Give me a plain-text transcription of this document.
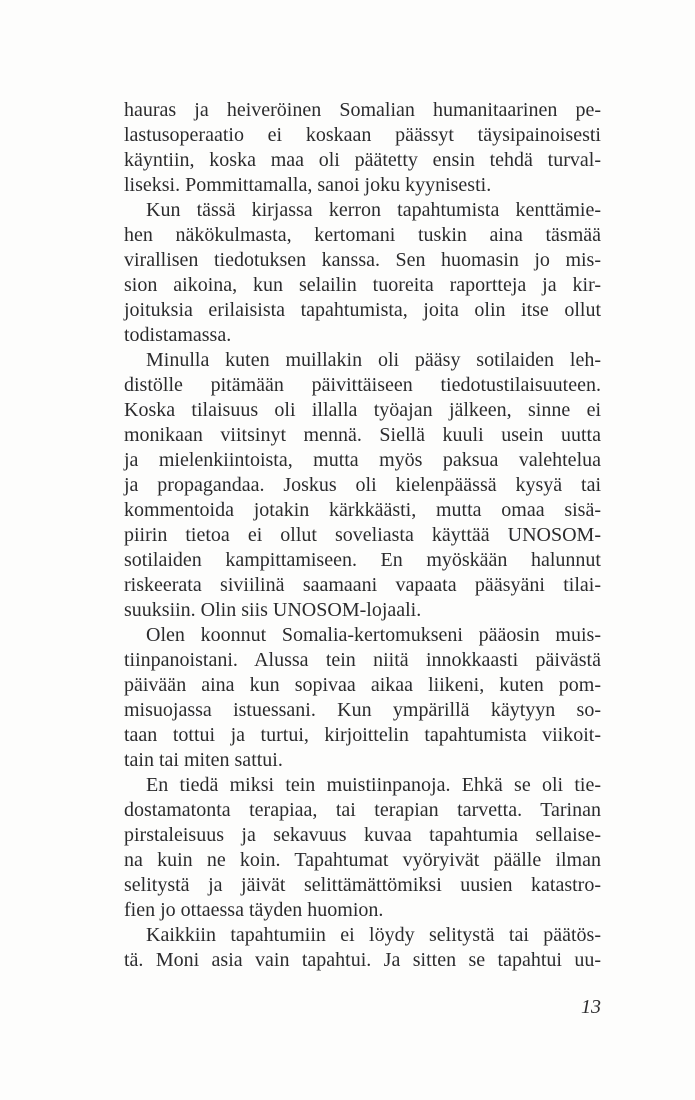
hauras ja heiveröinen Somalian humanitaarinen pe-
lastusoperaatio ei koskaan päässyt täysipainoisesti
käyntiin, koska maa oli päätetty ensin tehdä turval-
liseksi. Pommittamalla, sanoi joku kyynisesti.
Kun tässä kirjassa kerron tapahtumista kenttämie-
hen näkökulmasta, kertomani tuskin aina täsmää
virallisen tiedotuksen kanssa. Sen huomasin jo mis-
sion aikoina, kun selailin tuoreita raportteja ja kir-
joituksia erilaisista tapahtumista, joita olin itse ollut
todistamassa.
Minulla kuten muillakin oli pääsy sotilaiden leh-
distölle pitämään päivittäiseen tiedotustilaisuuteen.
Koska tilaisuus oli illalla työajan jälkeen, sinne ei
monikaan viitsinyt mennä. Siellä kuuli usein uutta
ja mielenkiintoista, mutta myös paksua valehtelua
ja propagandaa. Joskus oli kielenpäässä kysyä tai
kommentoida jotakin kärkkäästi, mutta omaa sisä-
piirin tietoa ei ollut soveliasta käyttää UNOSOM-
sotilaiden kampittamiseen. En myöskään halunnut
riskeerata siviilinä saamaani vapaata pääsyäni tilai-
suuksiin. Olin siis UNOSOM-lojaali.
Olen koonnut Somalia-kertomukseni pääosin muis-
tiinpanoistani. Alussa tein niitä innokkaasti päivästä
päivään aina kun sopivaa aikaa liikeni, kuten pom-
misuojassa istuessani. Kun ympärillä käytyyn so-
taan tottui ja turtui, kirjoittelin tapahtumista viikoit-
tain tai miten sattui.
En tiedä miksi tein muistiinpanoja. Ehkä se oli tie-
dostamatonta terapiaa, tai terapian tarvetta. Tarinan
pirstaleisuus ja sekavuus kuvaa tapahtumia sellaise-
na kuin ne koin. Tapahtumat vyöryivät päälle ilman
selitystä ja jäivät selittämättömiksi uusien katastro-
fien jo ottaessa täyden huomion.
Kaikkiin tapahtumiin ei löydy selitystä tai päätös-
tä. Moni asia vain tapahtui. Ja sitten se tapahtui uu-
13
